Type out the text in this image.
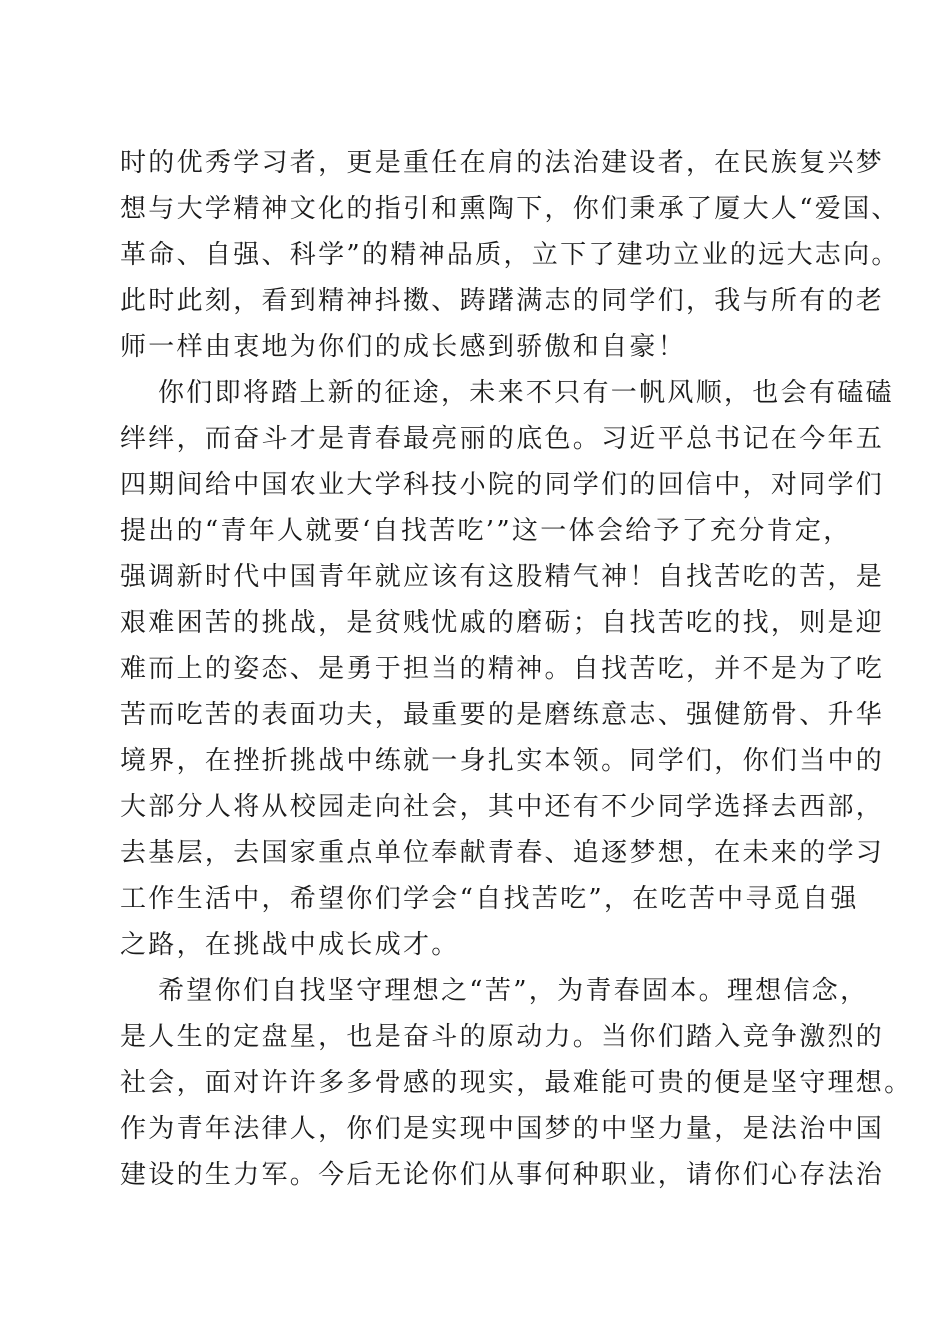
时的优秀学习者，更是重任在肩的法治建设者，在民族复兴梦
想与大学精神文化的指引和熏陶下，你们秉承了厦大人“爱国、
革命、自强、科学”的精神品质，立下了建功立业的远大志向。
此时此刻，看到精神抖擞、踌躇满志的同学们，我与所有的老
师一样由衷地为你们的成长感到骄傲和自豪！
你们即将踏上新的征途，未来不只有一帆风顺，也会有磕磕
绊绊，而奋斗才是青春最亮丽的底色。习近平总书记在今年五
四期间给中国农业大学科技小院的同学们的回信中，对同学们
提出的“青年人就要‘自找苦吃’”这一体会给予了充分肯定，
强调新时代中国青年就应该有这股精气神！自找苦吃的苦，是
艰难困苦的挑战，是贫贱忧戚的磨砺；自找苦吃的找，则是迎
难而上的姿态、是勇于担当的精神。自找苦吃，并不是为了吃
苦而吃苦的表面功夫，最重要的是磨练意志、强健筋骨、升华
境界，在挫折挑战中练就一身扎实本领。同学们，你们当中的
大部分人将从校园走向社会，其中还有不少同学选择去西部，
去基层，去国家重点单位奉献青春、追逐梦想，在未来的学习
工作生活中，希望你们学会“自找苦吃”，在吃苦中寻觅自强
之路，在挑战中成长成才。
希望你们自找坚守理想之“苦”，为青春固本。理想信念，
是人生的定盘星，也是奋斗的原动力。当你们踏入竞争激烈的
社会，面对许许多多骨感的现实，最难能可贵的便是坚守理想。
作为青年法律人，你们是实现中国梦的中坚力量，是法治中国
建设的生力军。今后无论你们从事何种职业，请你们心存法治
